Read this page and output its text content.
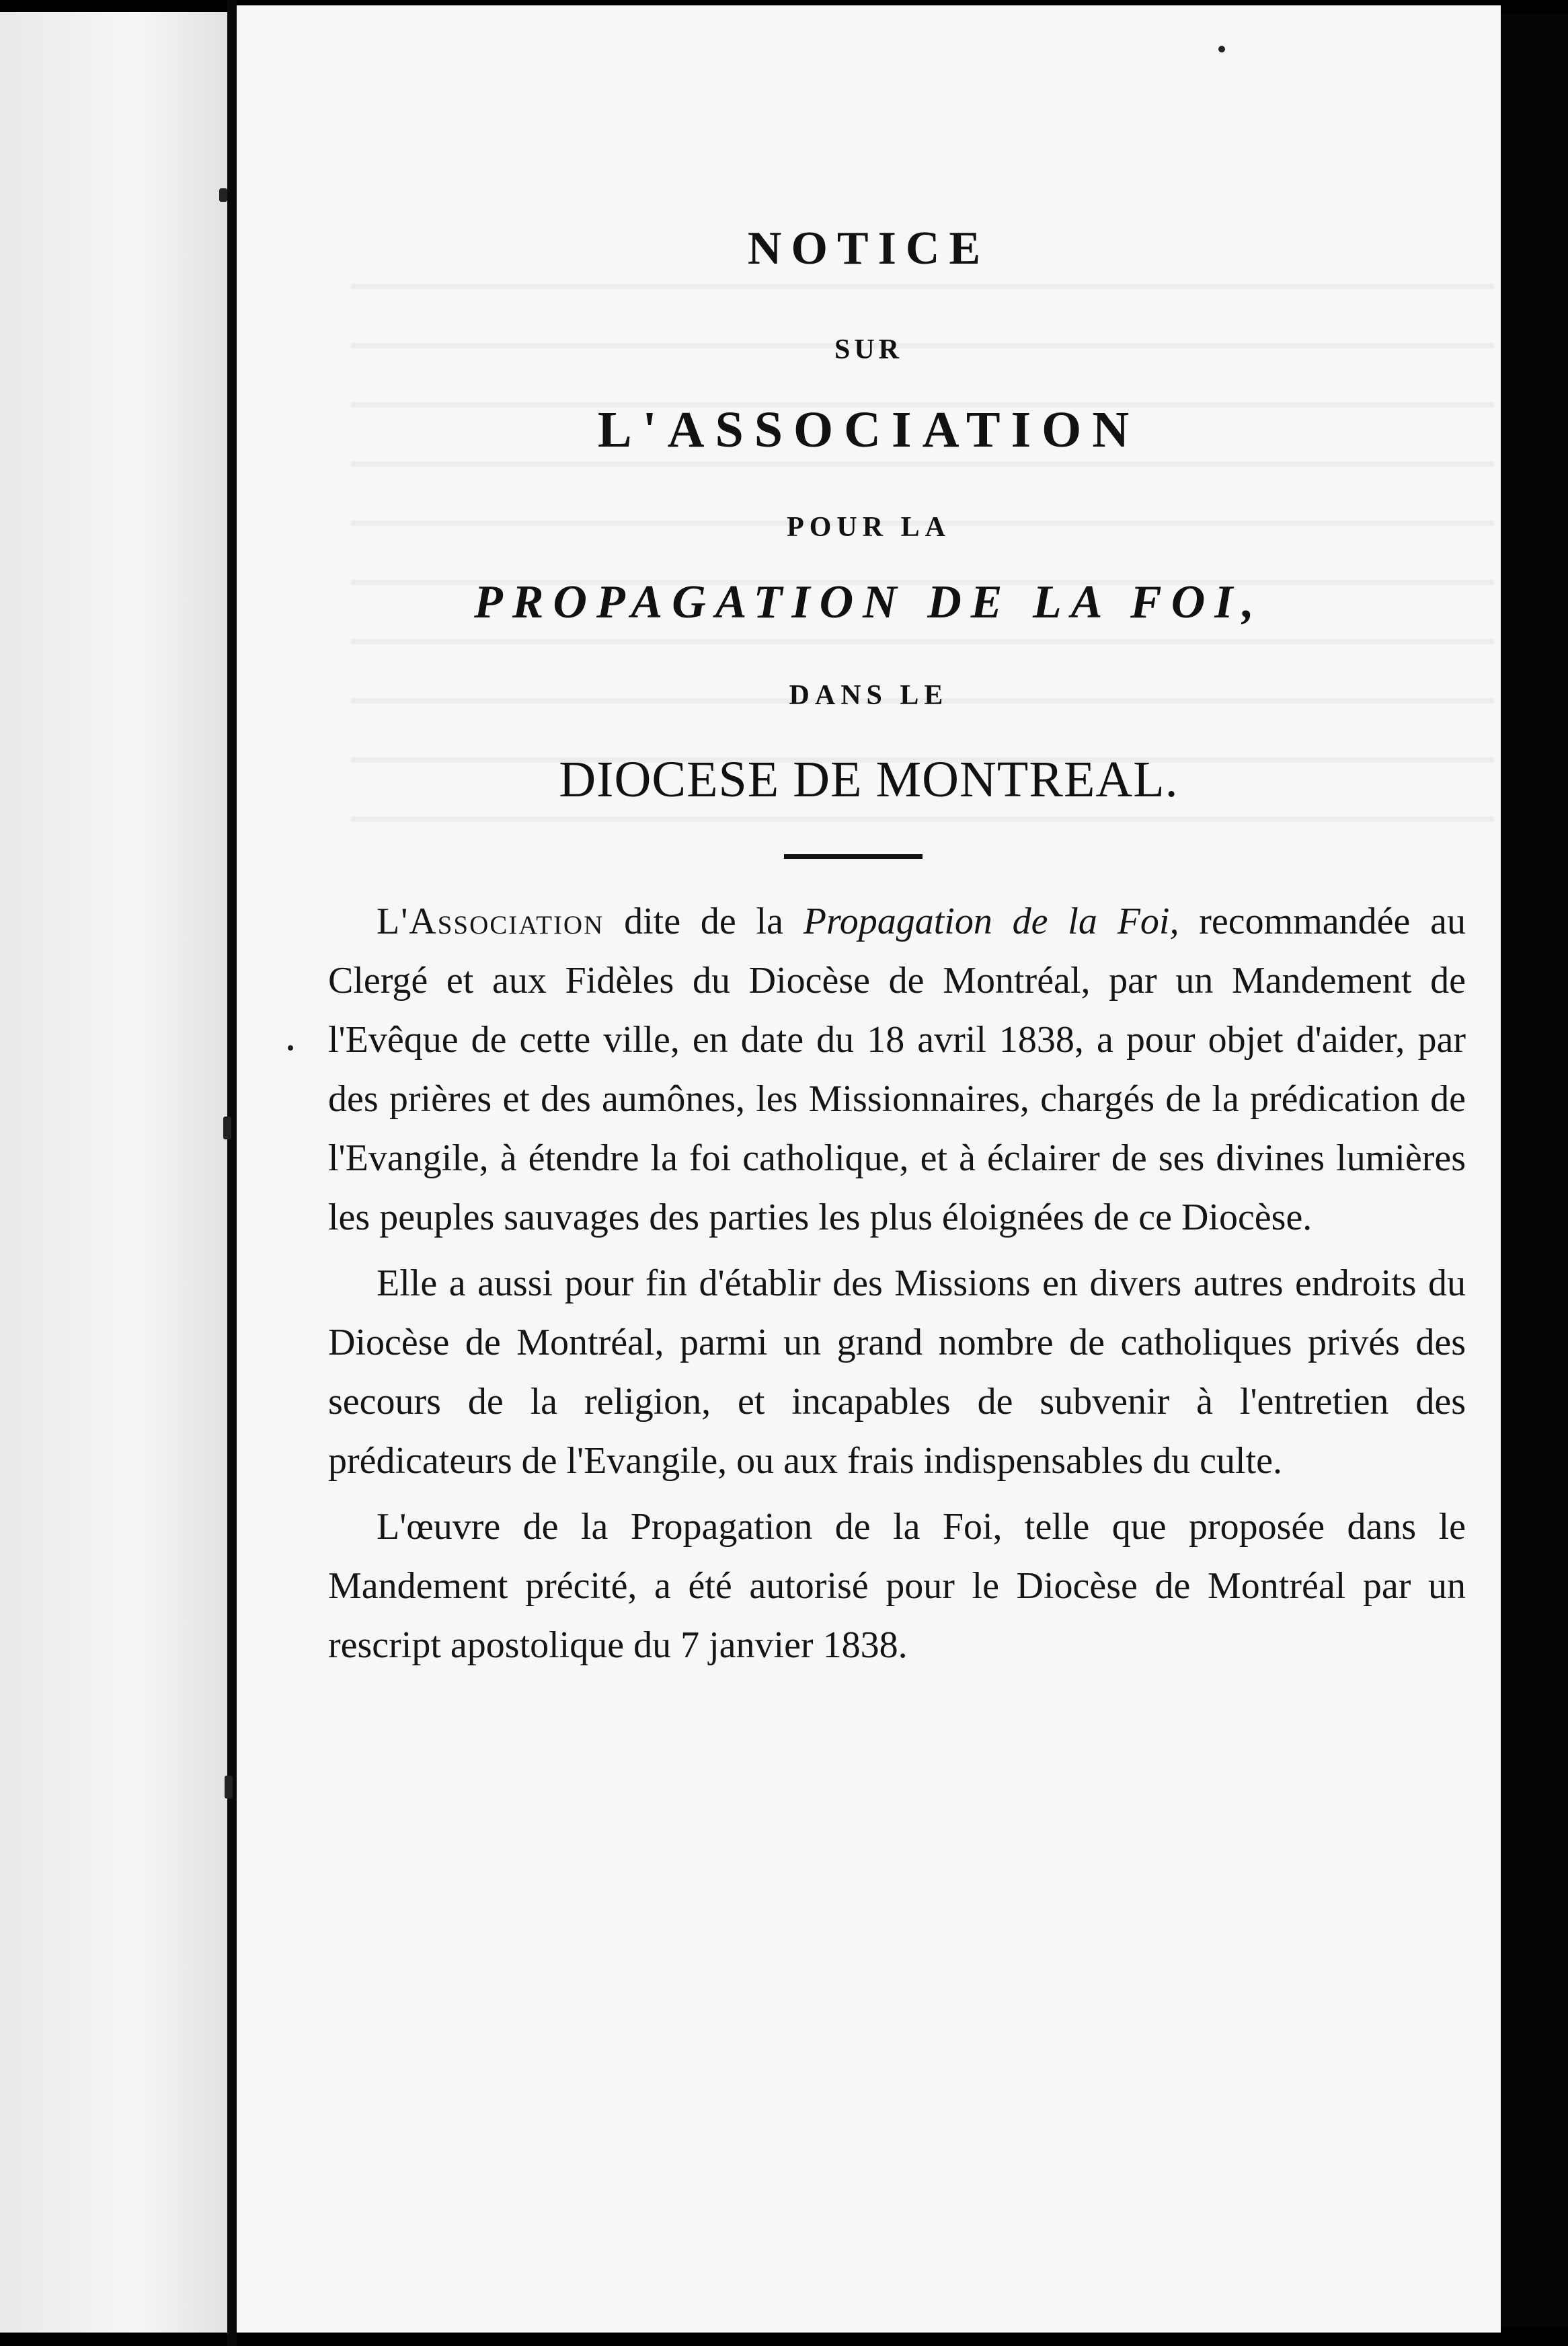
NOTICE
SUR
L'ASSOCIATION
POUR LA
PROPAGATION DE LA FOI,
DANS LE
DIOCESE DE MONTREAL.

L'Association dite de la Propagation de la Foi, recommandée au Clergé et aux Fidèles du Diocèse de Montréal, par un Mandement de l'Evêque de cette ville, en date du 18 avril 1838, a pour objet d'aider, par des prières et des aumônes, les Missionnaires, chargés de la prédication de l'Evangile, à étendre la foi catholique, et à éclairer de ses divines lumières les peuples sauvages des parties les plus éloignées de ce Diocèse.

Elle a aussi pour fin d'établir des Missions en divers autres endroits du Diocèse de Montréal, parmi un grand nombre de catholiques privés des secours de la religion, et incapables de subvenir à l'entretien des prédicateurs de l'Evangile, ou aux frais indispensables du culte.

L'œuvre de la Propagation de la Foi, telle que proposée dans le Mandement précité, a été autorisé pour le Diocèse de Montréal par un rescript apostolique du 7 janvier 1838.
